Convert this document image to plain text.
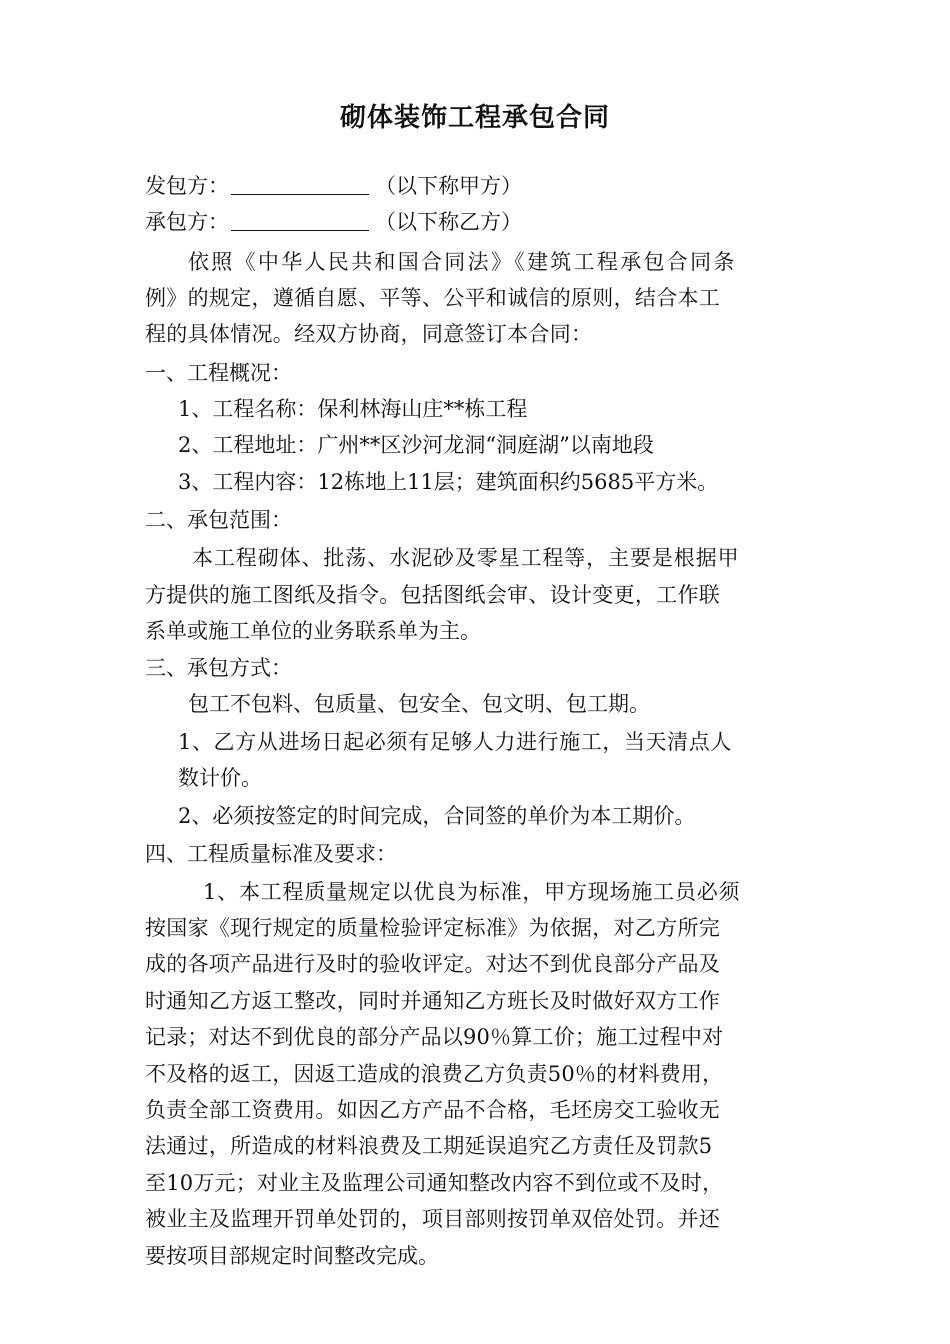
砌体装饰工程承包合同
发包方：	（以下称甲方）
承包方：	（以下称乙方）
依照《中华人民共和国合同法》《建筑工程承包合同条
例》的规定，遵循自愿、平等、公平和诚信的原则，结合本工
程的具体情况。经双方协商，同意签订本合同：
一、工程概况：
1、工程名称：保利林海山庄**栋工程
2、工程地址：广州**区沙河龙洞“洞庭湖”以南地段
3、工程内容：12栋地上11层；建筑面积约5685平方米。
二、承包范围：
本工程砌体、批荡、水泥砂及零星工程等，主要是根据甲
方提供的施工图纸及指令。包括图纸会审、设计变更，工作联
系单或施工单位的业务联系单为主。
三、承包方式：
包工不包料、包质量、包安全、包文明、包工期。
1、乙方从进场日起必须有足够人力进行施工，当天清点人
数计价。
2、必须按签定的时间完成，合同签的单价为本工期价。
四、工程质量标准及要求：
1、本工程质量规定以优良为标准，甲方现场施工员必须
按国家《现行规定的质量检验评定标准》为依据，对乙方所完
成的各项产品进行及时的验收评定。对达不到优良部分产品及
时通知乙方返工整改，同时并通知乙方班长及时做好双方工作
记录；对达不到优良的部分产品以90％算工价；施工过程中对
不及格的返工，因返工造成的浪费乙方负责50％的材料费用，
负责全部工资费用。如因乙方产品不合格，毛坯房交工验收无
法通过，所造成的材料浪费及工期延误追究乙方责任及罚款5
至10万元；对业主及监理公司通知整改内容不到位或不及时，
被业主及监理开罚单处罚的，项目部则按罚单双倍处罚。并还
要按项目部规定时间整改完成。
